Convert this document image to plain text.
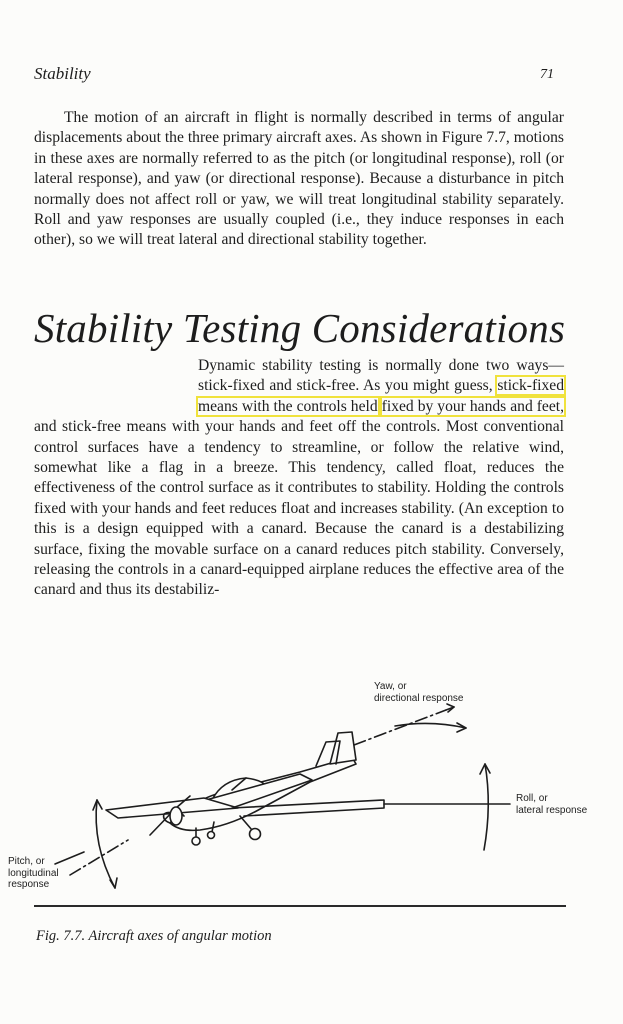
Stability	71

The motion of an aircraft in flight is normally described in terms of angular displacements about the three primary aircraft axes. As shown in Figure 7.7, motions in these axes are normally referred to as the pitch (or longitudinal response), roll (or lateral response), and yaw (or directional response). Because a disturbance in pitch normally does not affect roll or yaw, we will treat longitudinal stability separately. Roll and yaw responses are usually coupled (i.e., they induce responses in each other), so we will treat lateral and directional stability together.

Stability Testing Considerations

Dynamic stability testing is normally done two ways—stick-fixed and stick-free. As you might guess, stick-fixed means with the controls held fixed by your hands and feet, and stick-free means with your hands and feet off the controls. Most conventional control surfaces have a tendency to streamline, or follow the relative wind, somewhat like a flag in a breeze. This tendency, called float, reduces the effectiveness of the control surface as it contributes to stability. Holding the controls fixed with your hands and feet reduces float and increases stability. (An exception to this is a design equipped with a canard. Because the canard is a destabilizing surface, fixing the movable surface on a canard reduces pitch stability. Conversely, releasing the controls in a canard-equipped airplane reduces the effective area of the canard and thus its destabiliz-

Yaw, or
directional response
Roll, or
lateral response
Pitch, or
longitudinal
response
Fig. 7.7. Aircraft axes of angular motion
